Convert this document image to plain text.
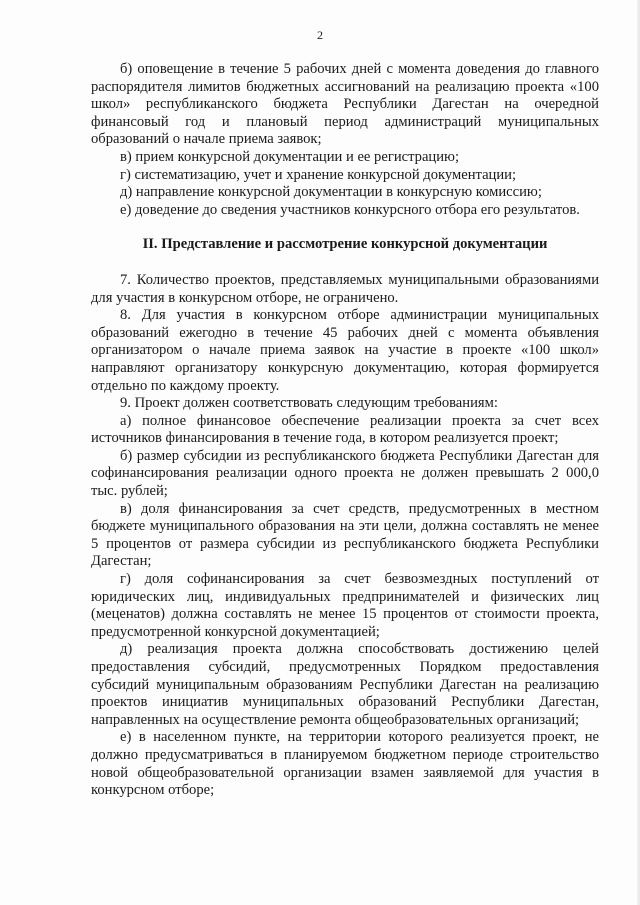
2

б) оповещение в течение 5 рабочих дней с момента доведения до главного распорядителя лимитов бюджетных ассигнований на реализацию проекта «100 школ» республиканского бюджета Республики Дагестан на очередной финансовый год и плановый период администраций муниципальных образований о начале приема заявок;

в) прием конкурсной документации и ее регистрацию;

г) систематизацию, учет и хранение конкурсной документации;

д) направление конкурсной документации в конкурсную комиссию;

е) доведение до сведения участников конкурсного отбора его результатов.

II. Представление и рассмотрение конкурсной документации

7. Количество проектов, представляемых муниципальными образованиями для участия в конкурсном отборе, не ограничено.

8. Для участия в конкурсном отборе администрации муниципальных образований ежегодно в течение 45 рабочих дней с момента объявления организатором о начале приема заявок на участие в проекте «100 школ» направляют организатору конкурсную документацию, которая формируется отдельно по каждому проекту.

9. Проект должен соответствовать следующим требованиям:

а) полное финансовое обеспечение реализации проекта за счет всех источников финансирования в течение года, в котором реализуется проект;

б) размер субсидии из республиканского бюджета Республики Дагестан для софинансирования реализации одного проекта не должен превышать 2 000,0 тыс. рублей;

в) доля финансирования за счет средств, предусмотренных в местном бюджете муниципального образования на эти цели, должна составлять не менее 5 процентов от размера субсидии из республиканского бюджета Республики Дагестан;

г) доля софинансирования за счет безвозмездных поступлений от юридических лиц, индивидуальных предпринимателей и физических лиц (меценатов) должна составлять не менее 15 процентов от стоимости проекта, предусмотренной конкурсной документацией;

д) реализация проекта должна способствовать достижению целей предоставления субсидий, предусмотренных Порядком предоставления субсидий муниципальным образованиям Республики Дагестан на реализацию проектов инициатив муниципальных образований Республики Дагестан, направленных на осуществление ремонта общеобразовательных организаций;

е) в населенном пункте, на территории которого реализуется проект, не должно предусматриваться в планируемом бюджетном периоде строительство новой общеобразовательной организации взамен заявляемой для участия в конкурсном отборе;
